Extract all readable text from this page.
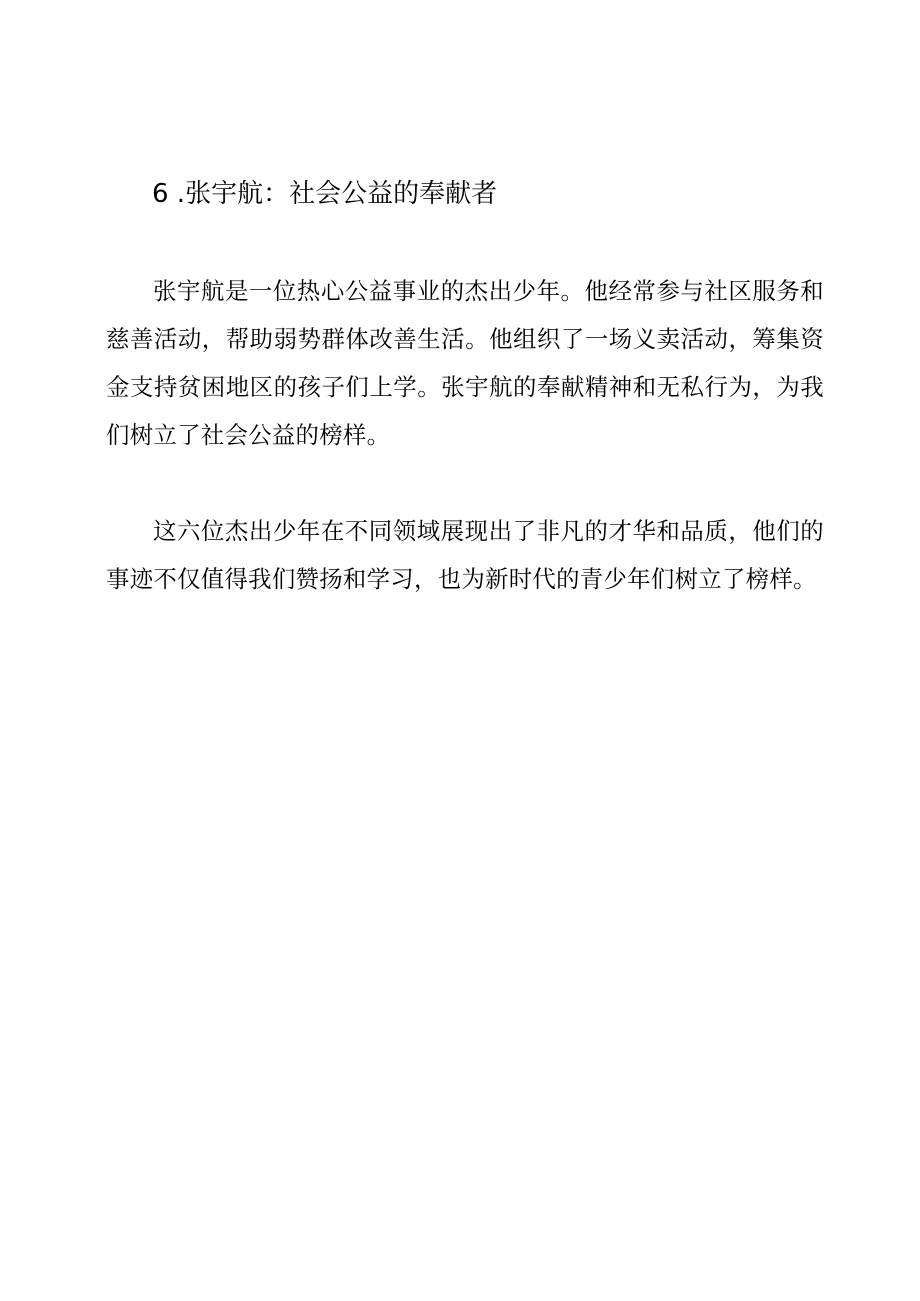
6 .张宇航：社会公益的奉献者

张宇航是一位热心公益事业的杰出少年。他经常参与社区服务和慈善活动，帮助弱势群体改善生活。他组织了一场义卖活动，筹集资金支持贫困地区的孩子们上学。张宇航的奉献精神和无私行为，为我们树立了社会公益的榜样。

这六位杰出少年在不同领域展现出了非凡的才华和品质，他们的事迹不仅值得我们赞扬和学习，也为新时代的青少年们树立了榜样。
